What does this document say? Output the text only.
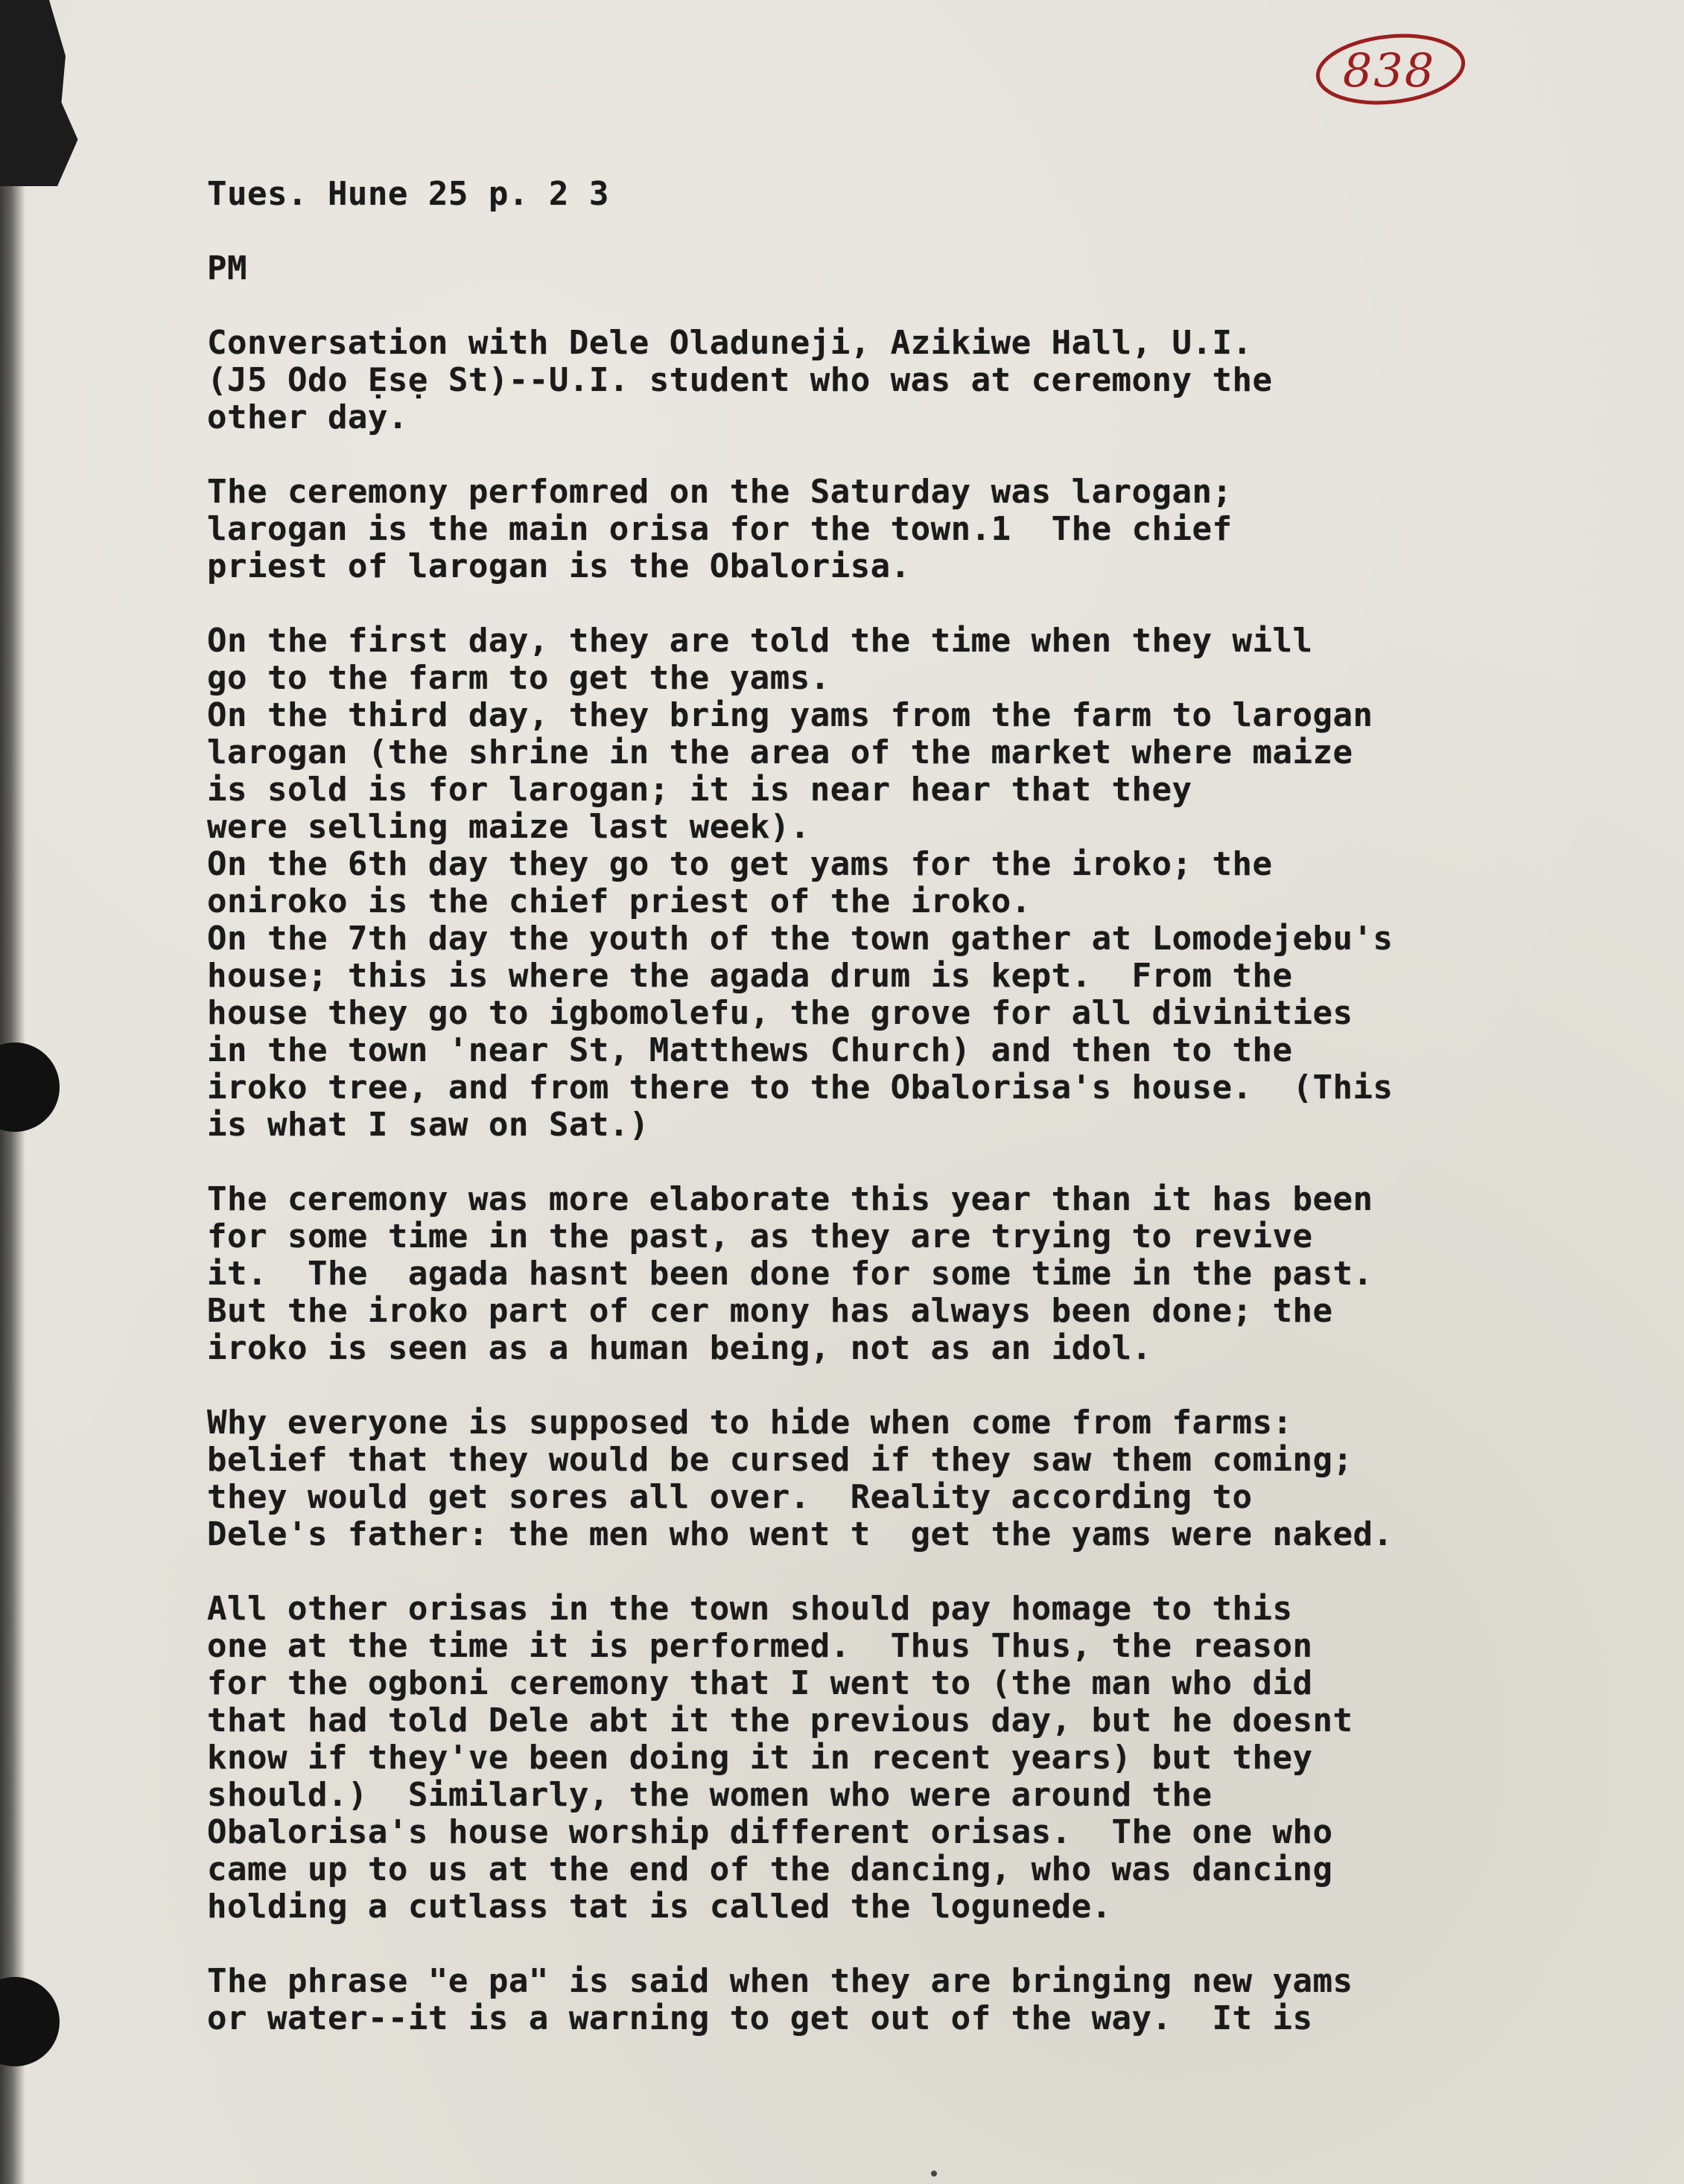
838
Tues. Hune 25 p. 2 3
PM
Conversation with Dele Oladuneji, Azikiwe Hall, U.I.
(J5 Odo Ẹsẹ St)--U.I. student who was at ceremony the
other day.
The ceremony perfomred on the Saturday was larogan;
larogan is the main orisa for the town.1  The chief
priest of larogan is the Obalorisa.
On the first day, they are told the time when they will
go to the farm to get the yams.
On the third day, they bring yams from the farm to larogan
larogan (the shrine in the area of the market where maize
is sold is for larogan; it is near hear that they
were selling maize last week).
On the 6th day they go to get yams for the iroko; the
oniroko is the chief priest of the iroko.
On the 7th day the youth of the town gather at Lomodejebu's
house; this is where the agada drum is kept.  From the
house they go to igbomolefu, the grove for all divinities
in the town 'near St, Matthews Church) and then to the
iroko tree, and from there to the Obalorisa's house.  (This
is what I saw on Sat.)
The ceremony was more elaborate this year than it has been
for some time in the past, as they are trying to revive
it.  The  agada hasnt been done for some time in the past.
But the iroko part of cer mony has always been done; the
iroko is seen as a human being, not as an idol.
Why everyone is supposed to hide when come from farms:
belief that they would be cursed if they saw them coming;
they would get sores all over.  Reality according to
Dele's father: the men who went t  get the yams were naked.
All other orisas in the town should pay homage to this
one at the time it is performed.  Thus Thus, the reason
for the ogboni ceremony that I went to (the man who did
that had told Dele abt it the previous day, but he doesnt
know if they've been doing it in recent years) but they
should.)  Similarly, the women who were around the
Obalorisa's house worship different orisas.  The one who
came up to us at the end of the dancing, who was dancing
holding a cutlass tat is called the logunede.
The phrase "e pa" is said when they are bringing new yams
or water--it is a warning to get out of the way.  It is
